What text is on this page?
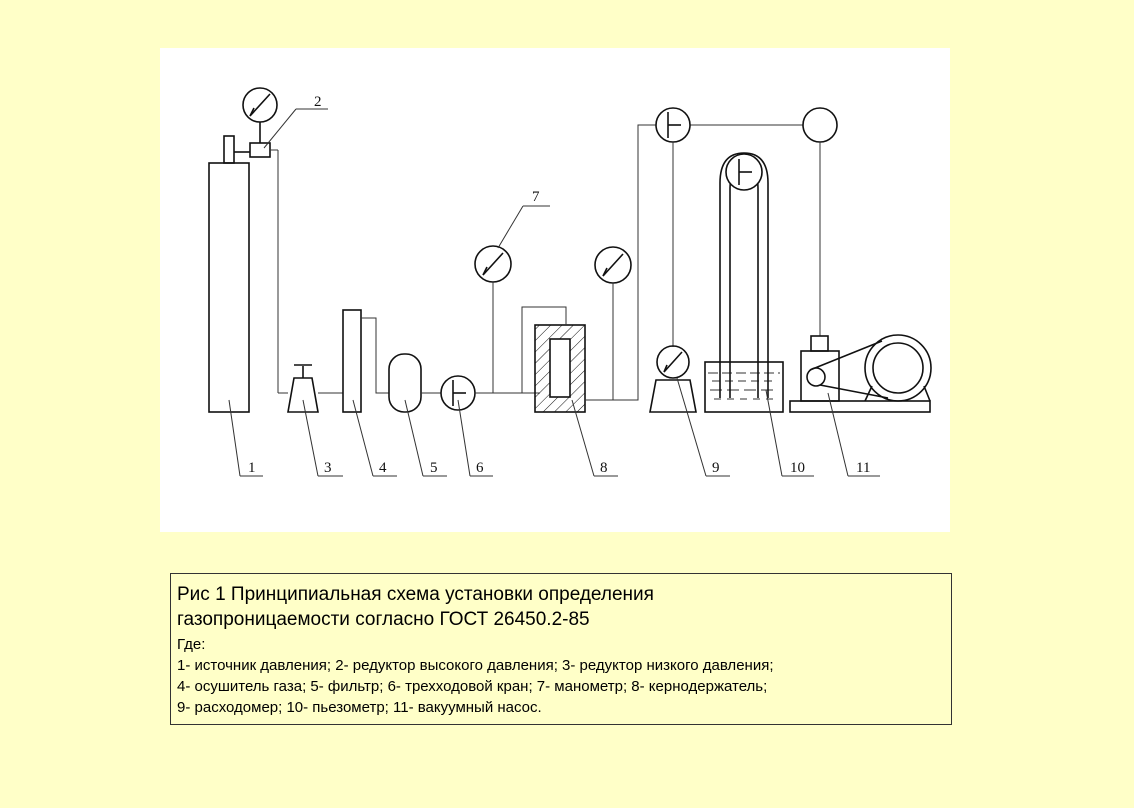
1
2
3	4	5	6
7
8	9	10	11

Рис 1 Принципиальная схема установки определения

газопроницаемости согласно ГОСТ 26450.2-85

Где:

1- источник давления; 2- редуктор высокого давления; 3- редуктор низкого давления;

4- осушитель газа; 5- фильтр; 6- трехходовой кран; 7- манометр; 8- кернодержатель;

9- расходомер; 10- пьезометр; 11- вакуумный насос.
